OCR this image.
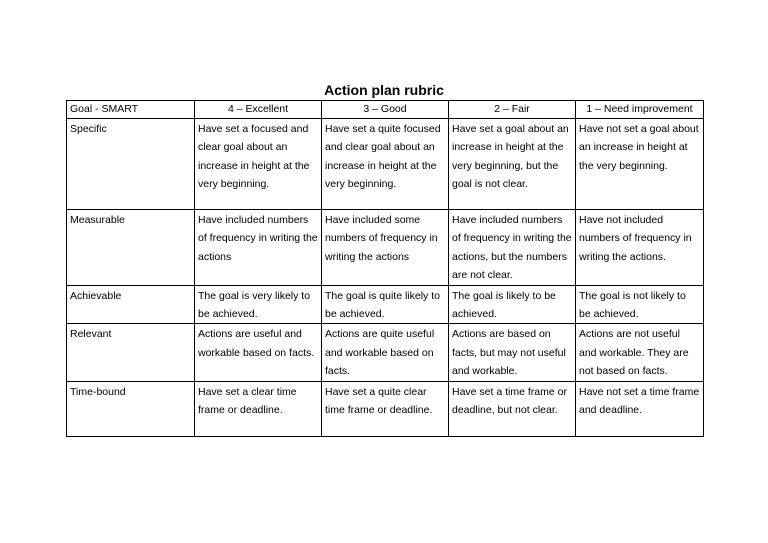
Action plan rubric
Goal - SMART	4 – Excellent	3 – Good	2 – Fair	1 – Need improvement
Specific	Have set a focused and clear goal about an increase in height at the very beginning.	Have set a quite focused and clear goal about an increase in height at the very beginning.	Have set a goal about an increase in height at the very beginning, but the goal is not clear.	Have not set a goal about an increase in height at the very beginning.
Measurable	Have included numbers of frequency in writing the actions	Have included some numbers of frequency in writing the actions	Have included numbers of frequency in writing the actions, but the numbers are not clear.	Have not included numbers of frequency in writing the actions.
Achievable	The goal is very likely to be achieved.	The goal is quite likely to be achieved.	The goal is likely to be achieved.	The goal is not likely to be achieved.
Relevant	Actions are useful and workable based on facts.	Actions are quite useful and workable based on facts.	Actions are based on facts, but may not useful and workable.	Actions are not useful and workable. They are not based on facts.
Time-bound	Have set a clear time frame or deadline.	Have set a quite clear time frame or deadline.	Have set a time frame or deadline, but not clear.	Have not set a time frame and deadline.
